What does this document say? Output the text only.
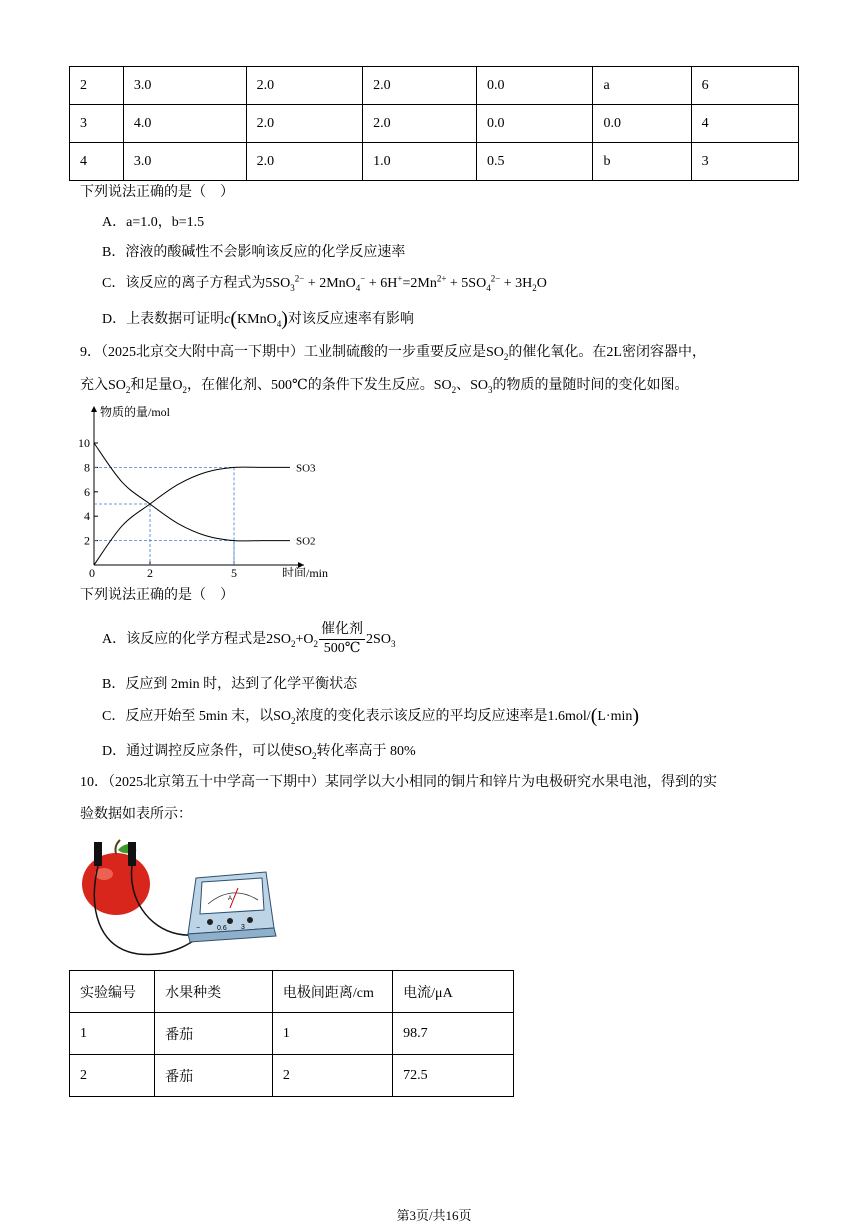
2	3.0	2.0	2.0	0.0	a	6
3	4.0	2.0	2.0	0.0	0.0	4
4	3.0	2.0	1.0	0.5	b	3
下列说法正确的是（　）
A．a=1.0，b=1.5
B．溶液的酸碱性不会影响该反应的化学反应速率
C．该反应的离子方程式为$5SO_3^{2-} + 2MnO_4^- + 6H^+=2Mn^{2+} + 5SO_4^{2-} + 3H_2O$
D．上表数据可证明c(KMnO$_4$)对该反应速率有影响
9．（2025北京交大附中高一下期中）工业制硫酸的一步重要反应是$SO_2$的催化氧化。在2L密闭容器中，
充入$SO_2$和足量$O_2$，在催化剂、500℃的条件下发生反应。$SO_2$、$SO_3$的物质的量随时间的变化如图。
2
4
6
8
10
0	2	5
SO3
SO2
物质的量/mol
时间/min
下列说法正确的是（　）
A．该反应的化学方程式是$2SO_2+O_2 \frac{\text{催化剂}}{500℃} 2SO_3$
B．反应到 2min 时，达到了化学平衡状态
C．反应开始至 5min 末，以$SO_2$浓度的变化表示该反应的平均反应速率是1.6mol/(L·min)
D．通过调控反应条件，可以使$SO_2$转化率高于 80%
10．（2025北京第五十中学高一下期中）某同学以大小相同的铜片和锌片为电极研究水果电池，得到的实
验数据如表所示：
A
− 0.6 3
实验编号	水果种类	电极间距离/cm	电流/μA
1	番茄	1	98.7
2	番茄	2	72.5
第3页/共16页
